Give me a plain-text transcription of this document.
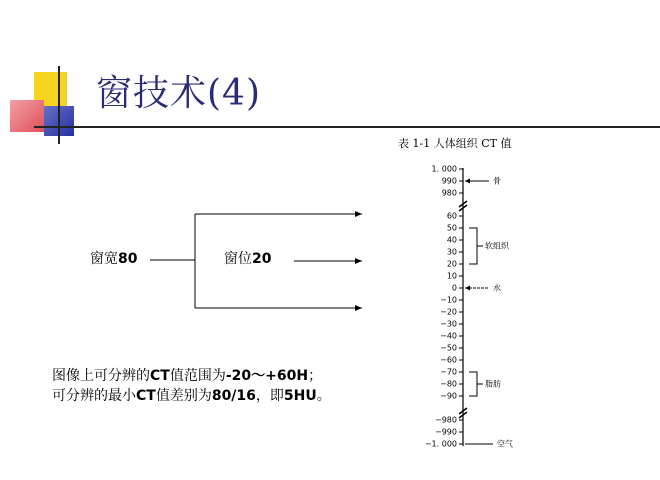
窗技术(4)
窗宽80	窗位20
图像上可分辨的CT值范围为-20～+60H；
可分辨的最小CT值差别为80/16，即5HU。
表 1-1 人体组织 CT 值
1. 000
990
980
60
50
40
30
20
10
0
−10
−20
−30
−40
−50
−60
−70
−80
−90
−980
−990
−1. 000
骨
软组织
水
脂肪
空气
